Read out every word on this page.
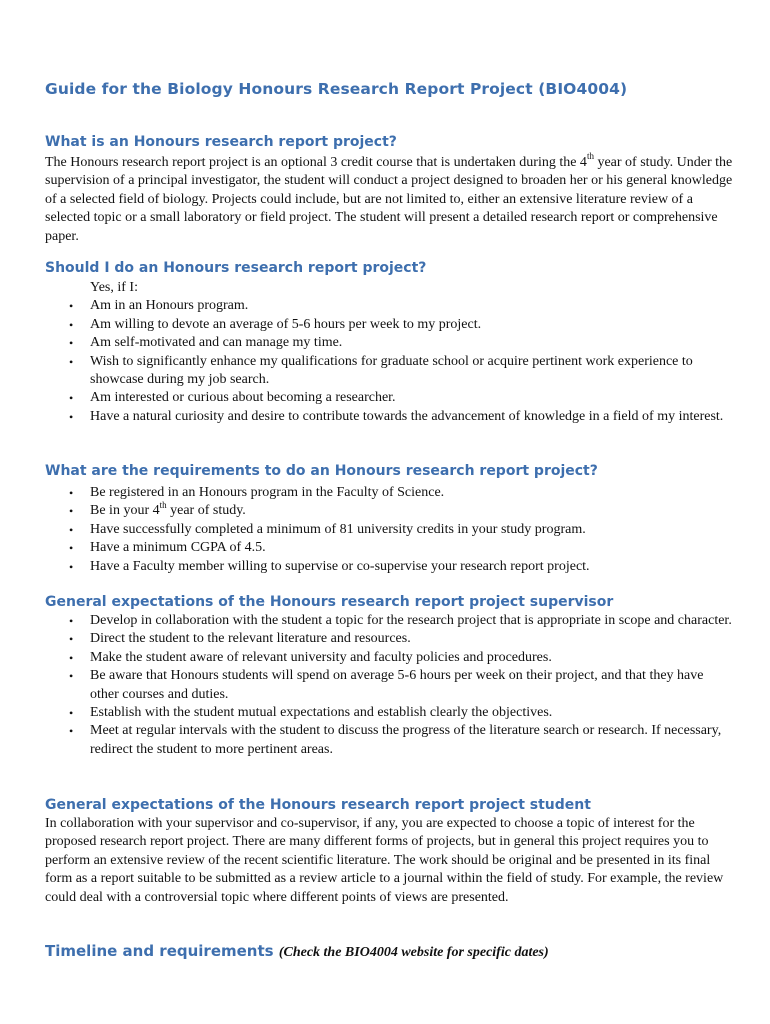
Guide for the Biology Honours Research Report Project (BIO4004)
What is an Honours research report project?

The Honours research report project is an optional 3 credit course that is undertaken during the 4th year of study. Under the supervision of a principal investigator, the student will conduct a project designed to broaden her or his general knowledge of a selected field of biology. Projects could include, but are not limited to, either an extensive literature review of a selected topic or a small laboratory or field project. The student will present a detailed research report or comprehensive paper.

Should I do an Honours research report project?

Yes, if I:

• Am in an Honours program.
• Am willing to devote an average of 5-6 hours per week to my project.
• Am self-motivated and can manage my time.
• Wish to significantly enhance my qualifications for graduate school or acquire pertinent work experience to showcase during my job search.
• Am interested or curious about becoming a researcher.
• Have a natural curiosity and desire to contribute towards the advancement of knowledge in a field of my interest.
What are the requirements to do an Honours research report project?
• Be registered in an Honours program in the Faculty of Science.
• Be in your 4th year of study.
• Have successfully completed a minimum of 81 university credits in your study program.
• Have a minimum CGPA of 4.5.
• Have a Faculty member willing to supervise or co-supervise your research report project.
General expectations of the Honours research report project supervisor
• Develop in collaboration with the student a topic for the research project that is appropriate in scope and character.
• Direct the student to the relevant literature and resources.
• Make the student aware of relevant university and faculty policies and procedures.
• Be aware that Honours students will spend on average 5-6 hours per week on their project, and that they have other courses and duties.
• Establish with the student mutual expectations and establish clearly the objectives.
• Meet at regular intervals with the student to discuss the progress of the literature search or research. If necessary, redirect the student to more pertinent areas.
General expectations of the Honours research report project student

In collaboration with your supervisor and co-supervisor, if any, you are expected to choose a topic of interest for the proposed research report project. There are many different forms of projects, but in general this project requires you to perform an extensive review of the recent scientific literature. The work should be original and be presented in its final form as a report suitable to be submitted as a review article to a journal within the field of study. For example, the review could deal with a controversial topic where different points of views are presented.

Timeline and requirements (Check the BIO4004 website for specific dates)
